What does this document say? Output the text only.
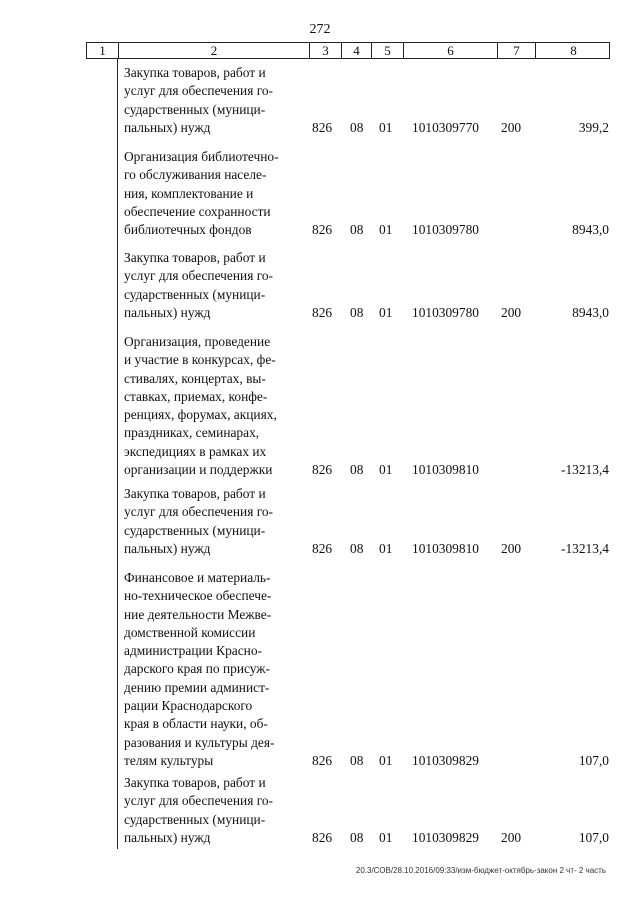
272
1	2	3	4	5	6	7	8
Закупка товаров, работ и
услуг для обеспечения го-
сударственных (муници-
пальных) нужд	826 08 01 1010309770 200	399,2
Организация библиотечно-
го обслуживания населе-
ния, комплектование и
обеспечение сохранности
библиотечных фондов	826 08 01 1010309780	8943,0
Закупка товаров, работ и
услуг для обеспечения го-
сударственных (муници-
пальных) нужд	826 08 01 1010309780 200	8943,0
Организация, проведение
и участие в конкурсах, фе-
стивалях, концертах, вы-
ставках, приемах, конфе-
ренциях, форумах, акциях,
праздниках, семинарах,
экспедициях в рамках их
организации и поддержки	826 08 01 1010309810	-13213,4
Закупка товаров, работ и
услуг для обеспечения го-
сударственных (муници-
пальных) нужд	826 08 01 1010309810 200	-13213,4
Финансовое и материаль-
но-техническое обеспече-
ние деятельности Межве-
домственной комиссии
администрации Красно-
дарского края по присуж-
дению премии админист-
рации Краснодарского
края в области науки, об-
разования и культуры дея-
телям культуры	826 08 01 1010309829	107,0
Закупка товаров, работ и
услуг для обеспечения го-
сударственных (муници-
пальных) нужд	826 08 01 1010309829 200	107,0
20.3/СОВ/28.10.2016/09:33/изм-бюджет-октябрь-закон 2 чт- 2 часть
